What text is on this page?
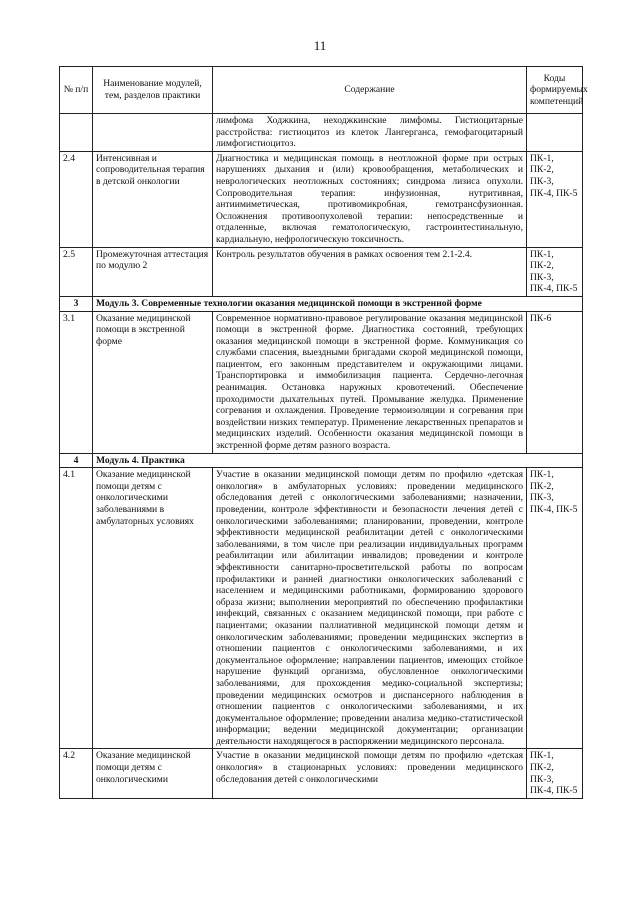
11
№ п/п	Наименование модулей, тем, разделов практики	Содержание	Коды формируемых компетенций
		лимфома Ходжкина, неходжкинские лимфомы. Гистиоцитарные расстройства: гистиоцитоз из клеток Лангерганса, гемофагоцитарный лимфогистиоцитоз.	
2.4	Интенсивная и сопроводительная терапия в детской онкологии	Диагностика и медицинская помощь в неотложной форме при острых нарушениях дыхания и (или) кровообращения, метаболических и неврологических неотложных состояниях; синдрома лизиса опухоли. Сопроводительная терапия: инфузионная, нутритивная, антиимиметическая, противомикробная, гемотрансфузионная. Осложнения противоопухолевой терапии: непосредственные и отдаленные, включая гематологическую, гастроинтестинальную, кардиальную, нефрологическую токсичность.	ПК-1, ПК-2, ПК-3, ПК-4, ПК-5
2.5	Промежуточная аттестация по модулю 2	Контроль результатов обучения в рамках освоения тем 2.1-2.4.	ПК-1, ПК-2, ПК-3, ПК-4, ПК-5
3	Модуль 3. Современные технологии оказания медицинской помощи в экстренной форме		
3.1	Оказание медицинской помощи в экстренной форме	Современное нормативно-правовое регулирование оказания медицинской помощи в экстренной форме. Диагностика состояний, требующих оказания медицинской помощи в экстренной форме. Коммуникация со службами спасения, выездными бригадами скорой медицинской помощи, пациентом, его законным представителем и окружающими лицами. Транспортировка и иммобилизация пациента. Сердечно-легочная реанимация. Остановка наружных кровотечений. Обеспечение проходимости дыхательных путей. Промывание желудка. Применение согревания и охлаждения. Проведение термоизоляции и согревания при воздействии низких температур. Применение лекарственных препаратов и медицинских изделий. Особенности оказания медицинской помощи в экстренной форме детям разного возраста.	ПК-6
4	Модуль 4. Практика		
4.1	Оказание медицинской помощи детям с онкологическими заболеваниями в амбулаторных условиях	Участие в оказании медицинской помощи детям по профилю «детская онкология» в амбулаторных условиях: проведении медицинского обследования детей с онкологическими заболеваниями; назначении, проведении, контроле эффективности и безопасности лечения детей с онкологическими заболеваниями; планировании, проведении, контроле эффективности медицинской реабилитации детей с онкологическими заболеваниями, в том числе при реализации индивидуальных программ реабилитации или абилитации инвалидов; проведении и контроле эффективности санитарно-просветительской работы по вопросам профилактики и ранней диагностики онкологических заболеваний с населением и медицинскими работниками, формированию здорового образа жизни; выполнении мероприятий по обеспечению профилактики инфекций, связанных с оказанием медицинской помощи, при работе с пациентами; оказании паллиативной медицинской помощи детям и онкологическим заболеваниями; проведении медицинских экспертиз в отношении пациентов с онкологическими заболеваниями, и их документальное оформление; направлении пациентов, имеющих стойкое нарушение функций организма, обусловленное онкологическими заболеваниями, для прохождения медико-социальной экспертизы; проведении медицинских осмотров и диспансерного наблюдения в отношении пациентов с онкологическими заболеваниями, и их документальное оформление; проведении анализа медико-статистической информации; ведении медицинской документации; организации деятельности находящегося в распоряжении медицинского персонала.	ПК-1, ПК-2, ПК-3, ПК-4, ПК-5
4.2	Оказание медицинской помощи детям с онкологическими	Участие в оказании медицинской помощи детям по профилю «детская онкология» в стационарных условиях: проведении медицинского обследования детей с онкологическими	ПК-1, ПК-2, ПК-3, ПК-4, ПК-5
